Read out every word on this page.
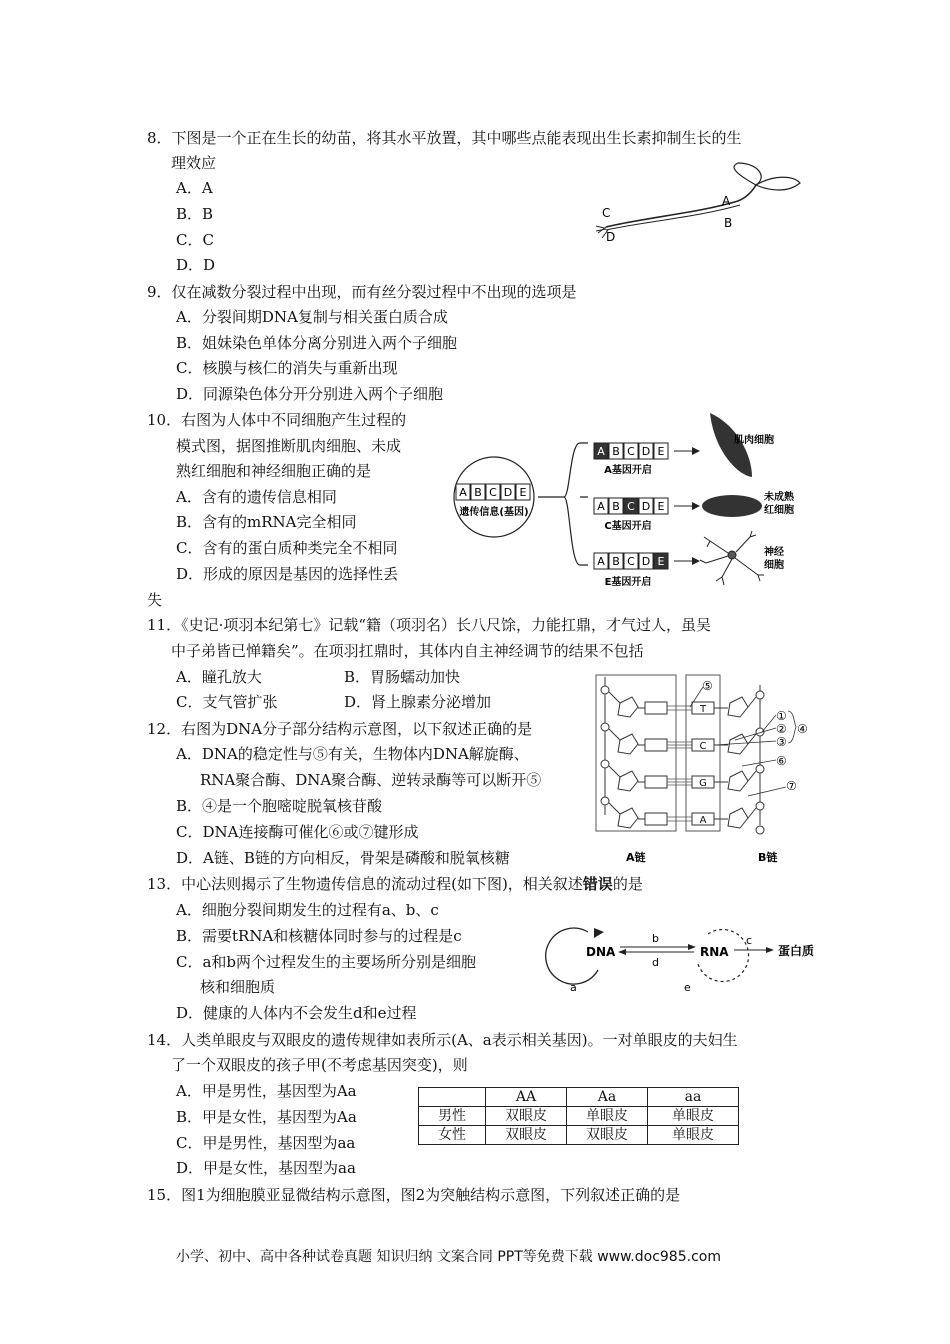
8．下图是一个正在生长的幼苗，将其水平放置，其中哪些点能表现出生长素抑制生长的生
理效应
A．A
B．B
C．C
D．D
A
B
C
D
9．仅在减数分裂过程中出现，而有丝分裂过程中不出现的选项是
A．分裂间期DNA复制与相关蛋白质合成
B．姐妹染色单体分离分别进入两个子细胞
C．核膜与核仁的消失与重新出现
D．同源染色体分开分别进入两个子细胞
10．右图为人体中不同细胞产生过程的
模式图，据图推断肌肉细胞、未成
熟红细胞和神经细胞正确的是
A．含有的遗传信息相同
B．含有的mRNA完全相同
C．含有的蛋白质种类完全不相同
D．形成的原因是基因的选择性丢
失
A B C D E
遗传信息(基因)
A B C D E
A基因开启
肌肉细胞
A B C D E
C基因开启
未成熟
红细胞
A B C D E
E基因开启
神经
细胞
11．《史记·项羽本纪第七》记载“籍（项羽名）长八尺馀，力能扛鼎，才气过人，虽吴
中子弟皆已惮籍矣”。在项羽扛鼎时，其体内自主神经调节的结果不包括
A．瞳孔放大	B．胃肠蠕动加快
C．支气管扩张	D．肾上腺素分泌增加
12．右图为DNA分子部分结构示意图，以下叙述正确的是
A．DNA的稳定性与⑤有关，生物体内DNA解旋酶、
RNA聚合酶、DNA聚合酶、逆转录酶等可以断开⑤
B．④是一个胞嘧啶脱氧核苷酸
C．DNA连接酶可催化⑥或⑦键形成
D．A链、B链的方向相反，骨架是磷酸和脱氧核糖
T
C
G
A
⑤
①
②
③
④
⑥
⑦
A链	B链
13．中心法则揭示了生物遗传信息的流动过程(如下图)，相关叙述错误的是
A．细胞分裂间期发生的过程有a、b、c
B．需要tRNA和核糖体同时参与的过程是c
C．a和b两个过程发生的主要场所分别是细胞
核和细胞质
D．健康的人体内不会发生d和e过程
DNA
a
b
d
RNA
e
c
蛋白质
14．人类单眼皮与双眼皮的遗传规律如表所示(A、a表示相关基因)。一对单眼皮的夫妇生
了一个双眼皮的孩子甲(不考虑基因突变)，则
A．甲是男性，基因型为Aa
B．甲是女性，基因型为Aa
C．甲是男性，基因型为aa
D．甲是女性，基因型为aa
	AA	Aa	aa
男性	双眼皮	单眼皮	单眼皮
女性	双眼皮	双眼皮	单眼皮
15．图1为细胞膜亚显微结构示意图，图2为突触结构示意图，下列叙述正确的是
小学、初中、高中各种试卷真题 知识归纳 文案合同 PPT等免费下载 www.doc985.com
